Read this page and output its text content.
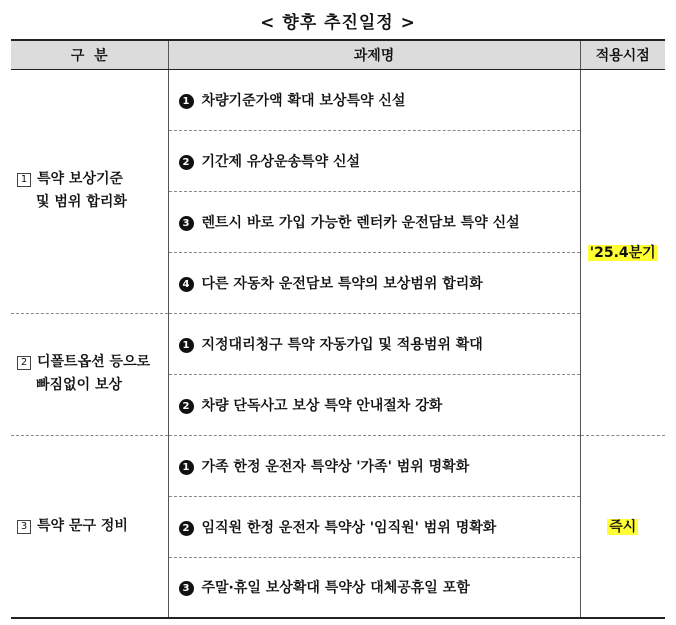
< 향후 추진일정 >
구  분	과제명	적용시점

1 특약 보상기준
및 범위 합리화	1 차량기준가액 확대 보상특약 신설	'25.4분기
	2 기간제 유상운송특약 신설	
	3 렌트시 바로 가입 가능한 렌터카 운전담보 특약 신설	
	4 다른 자동차 운전담보 특약의 보상범위 합리화	

2 디폴트옵션 등으로
빠짐없이 보상	1 지정대리청구 특약 자동가입 및 적용범위 확대	
	2 차량 단독사고 보상 특약 안내절차 강화	

3 특약 문구 정비	1 가족 한정 운전자 특약상 '가족' 범위 명확화	즉시
	2 임직원 한정 운전자 특약상 '임직원' 범위 명확화	
	3 주말·휴일 보상확대 특약상 대체공휴일 포함	
